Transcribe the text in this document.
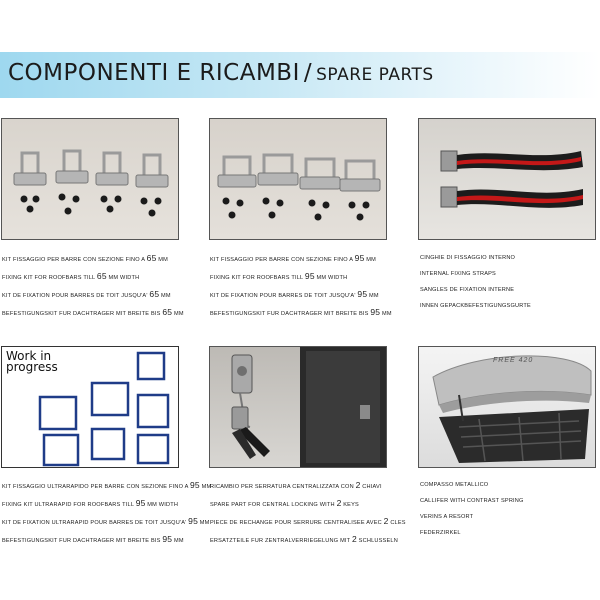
COMPONENTI E RICAMBI / SPARE PARTS
KIT FISSAGGIO PER BARRE CON SEZIONE FINO A 65 MM
FIXING KIT FOR ROOFBARS TILL 65 MM WIDTH
KIT DE FIXATION POUR BARRES DE TOIT JUSQU'A' 65 MM
BEFESTIGUNGSKIT FUR DACHTRAGER MIT BREITE BIS 65 MM
KIT FISSAGGIO PER BARRE CON SEZIONE FINO A 95 MM
FIXING KIT FOR ROOFBARS TILL 95 MM WIDTH
KIT DE FIXATION POUR BARRES DE TOIT JUSQU'A' 95 MM
BEFESTIGUNGSKIT FUR DACHTRAGER MIT BREITE BIS 95 MM
CINGHIE DI FISSAGGIO INTERNO
INTERNAL FIXING STRAPS
SANGLES DE FIXATION INTERNE
INNEN GEPACKBEFESTIGUNGSGURTE
Work in progress
KIT FISSAGGIO ULTRARAPIDO PER BARRE CON SEZIONE FINO A 95 MM
FIXING KIT ULTRARAPID FOR ROOFBARS TILL 95 MM WIDTH
KIT DE FIXATION ULTRARAPID POUR BARRES DE TOIT JUSQU'A' 95 MM
BEFESTIGUNGSKIT FUR DACHTRAGER MIT BREITE BIS 95 MM
RICAMBIO PER SERRATURA CENTRALIZZATA CON 2 CHIAVI
SPARE PART FOR CENTRAL LOCKING WITH 2 KEYS
PIECE DE RECHANGE POUR SERRURE CENTRALISEE AVEC 2 CLES
ERSATZTEILE FUR ZENTRALVERRIEGELUNG MIT 2 SCHLUSSELN
FREE 420
COMPASSO METALLICO
CALLIFER WITH CONTRAST SPRING
VERINS A RESORT
FEDERZIRKEL
